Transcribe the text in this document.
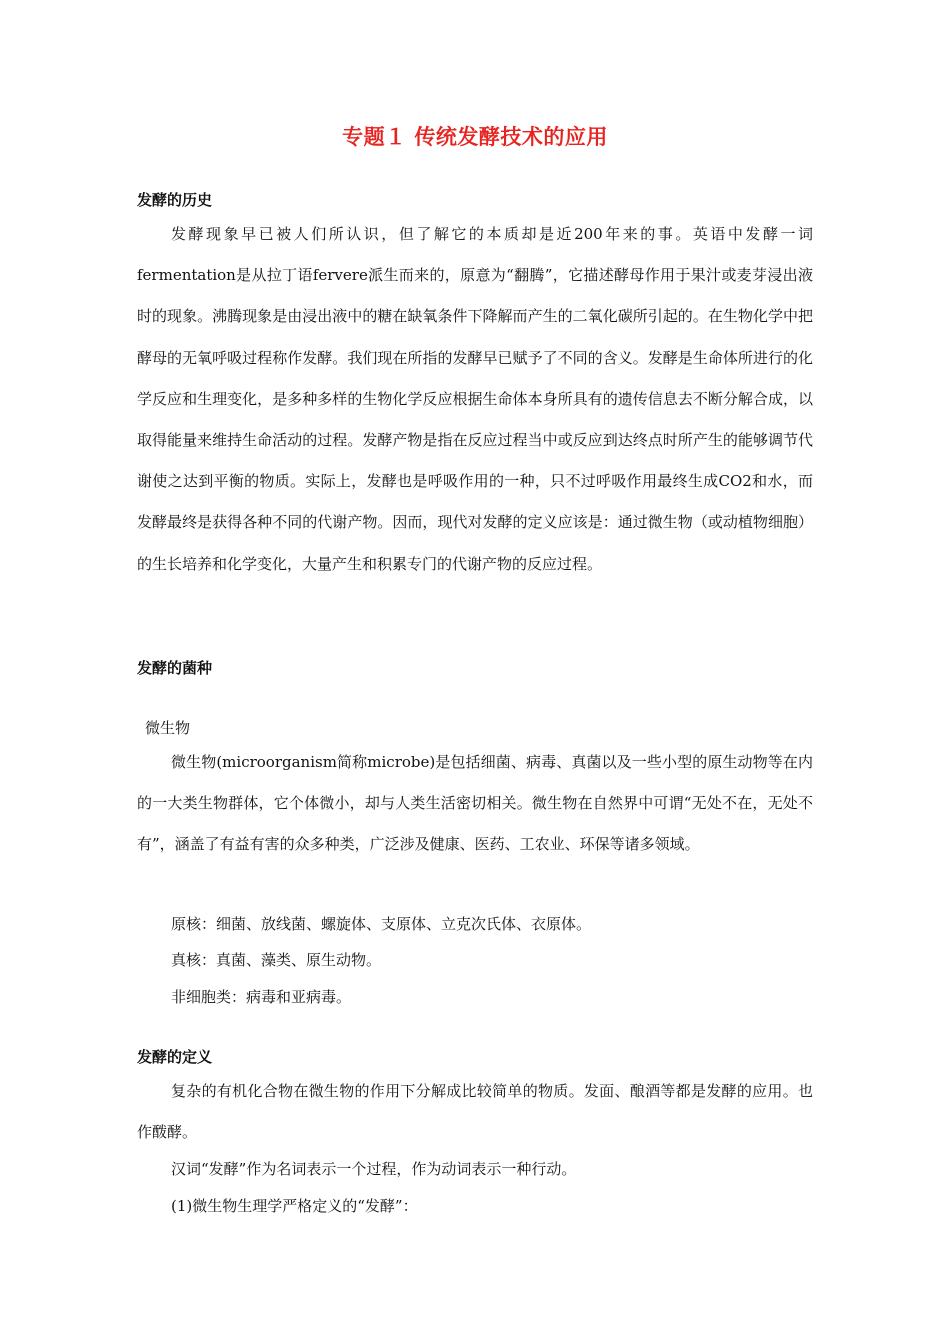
专题１ 传统发酵技术的应用
发酵的历史

发酵现象早已被人们所认识，但了解它的本质却是近200年来的事。英语中发酵一词fermentation是从拉丁语fervere派生而来的，原意为“翻腾”，它描述酵母作用于果汁或麦芽浸出液时的现象。沸腾现象是由浸出液中的糖在缺氧条件下降解而产生的二氧化碳所引起的。在生物化学中把酵母的无氧呼吸过程称作发酵。我们现在所指的发酵早已赋予了不同的含义。发酵是生命体所进行的化学反应和生理变化，是多种多样的生物化学反应根据生命体本身所具有的遗传信息去不断分解合成，以取得能量来维持生命活动的过程。发酵产物是指在反应过程当中或反应到达终点时所产生的能够调节代谢使之达到平衡的物质。实际上，发酵也是呼吸作用的一种，只不过呼吸作用最终生成CO2和水，而发酵最终是获得各种不同的代谢产物。因而，现代对发酵的定义应该是：通过微生物（或动植物细胞）的生长培养和化学变化，大量产生和积累专门的代谢产物的反应过程。

发酵的菌种
微生物

微生物(microorganism简称microbe)是包括细菌、病毒、真菌以及一些小型的原生动物等在内的一大类生物群体，它个体微小，却与人类生活密切相关。微生物在自然界中可谓“无处不在，无处不有”，涵盖了有益有害的众多种类，广泛涉及健康、医药、工农业、环保等诸多领域。

原核：细菌、放线菌、螺旋体、支原体、立克次氏体、衣原体。
真核：真菌、藻类、原生动物。
非细胞类：病毒和亚病毒。
发酵的定义

复杂的有机化合物在微生物的作用下分解成比较简单的物质。发面、酿酒等都是发酵的应用。也作酦酵。

汉词“发酵”作为名词表示一个过程，作为动词表示一种行动。
(1)微生物生理学严格定义的“发酵”：
